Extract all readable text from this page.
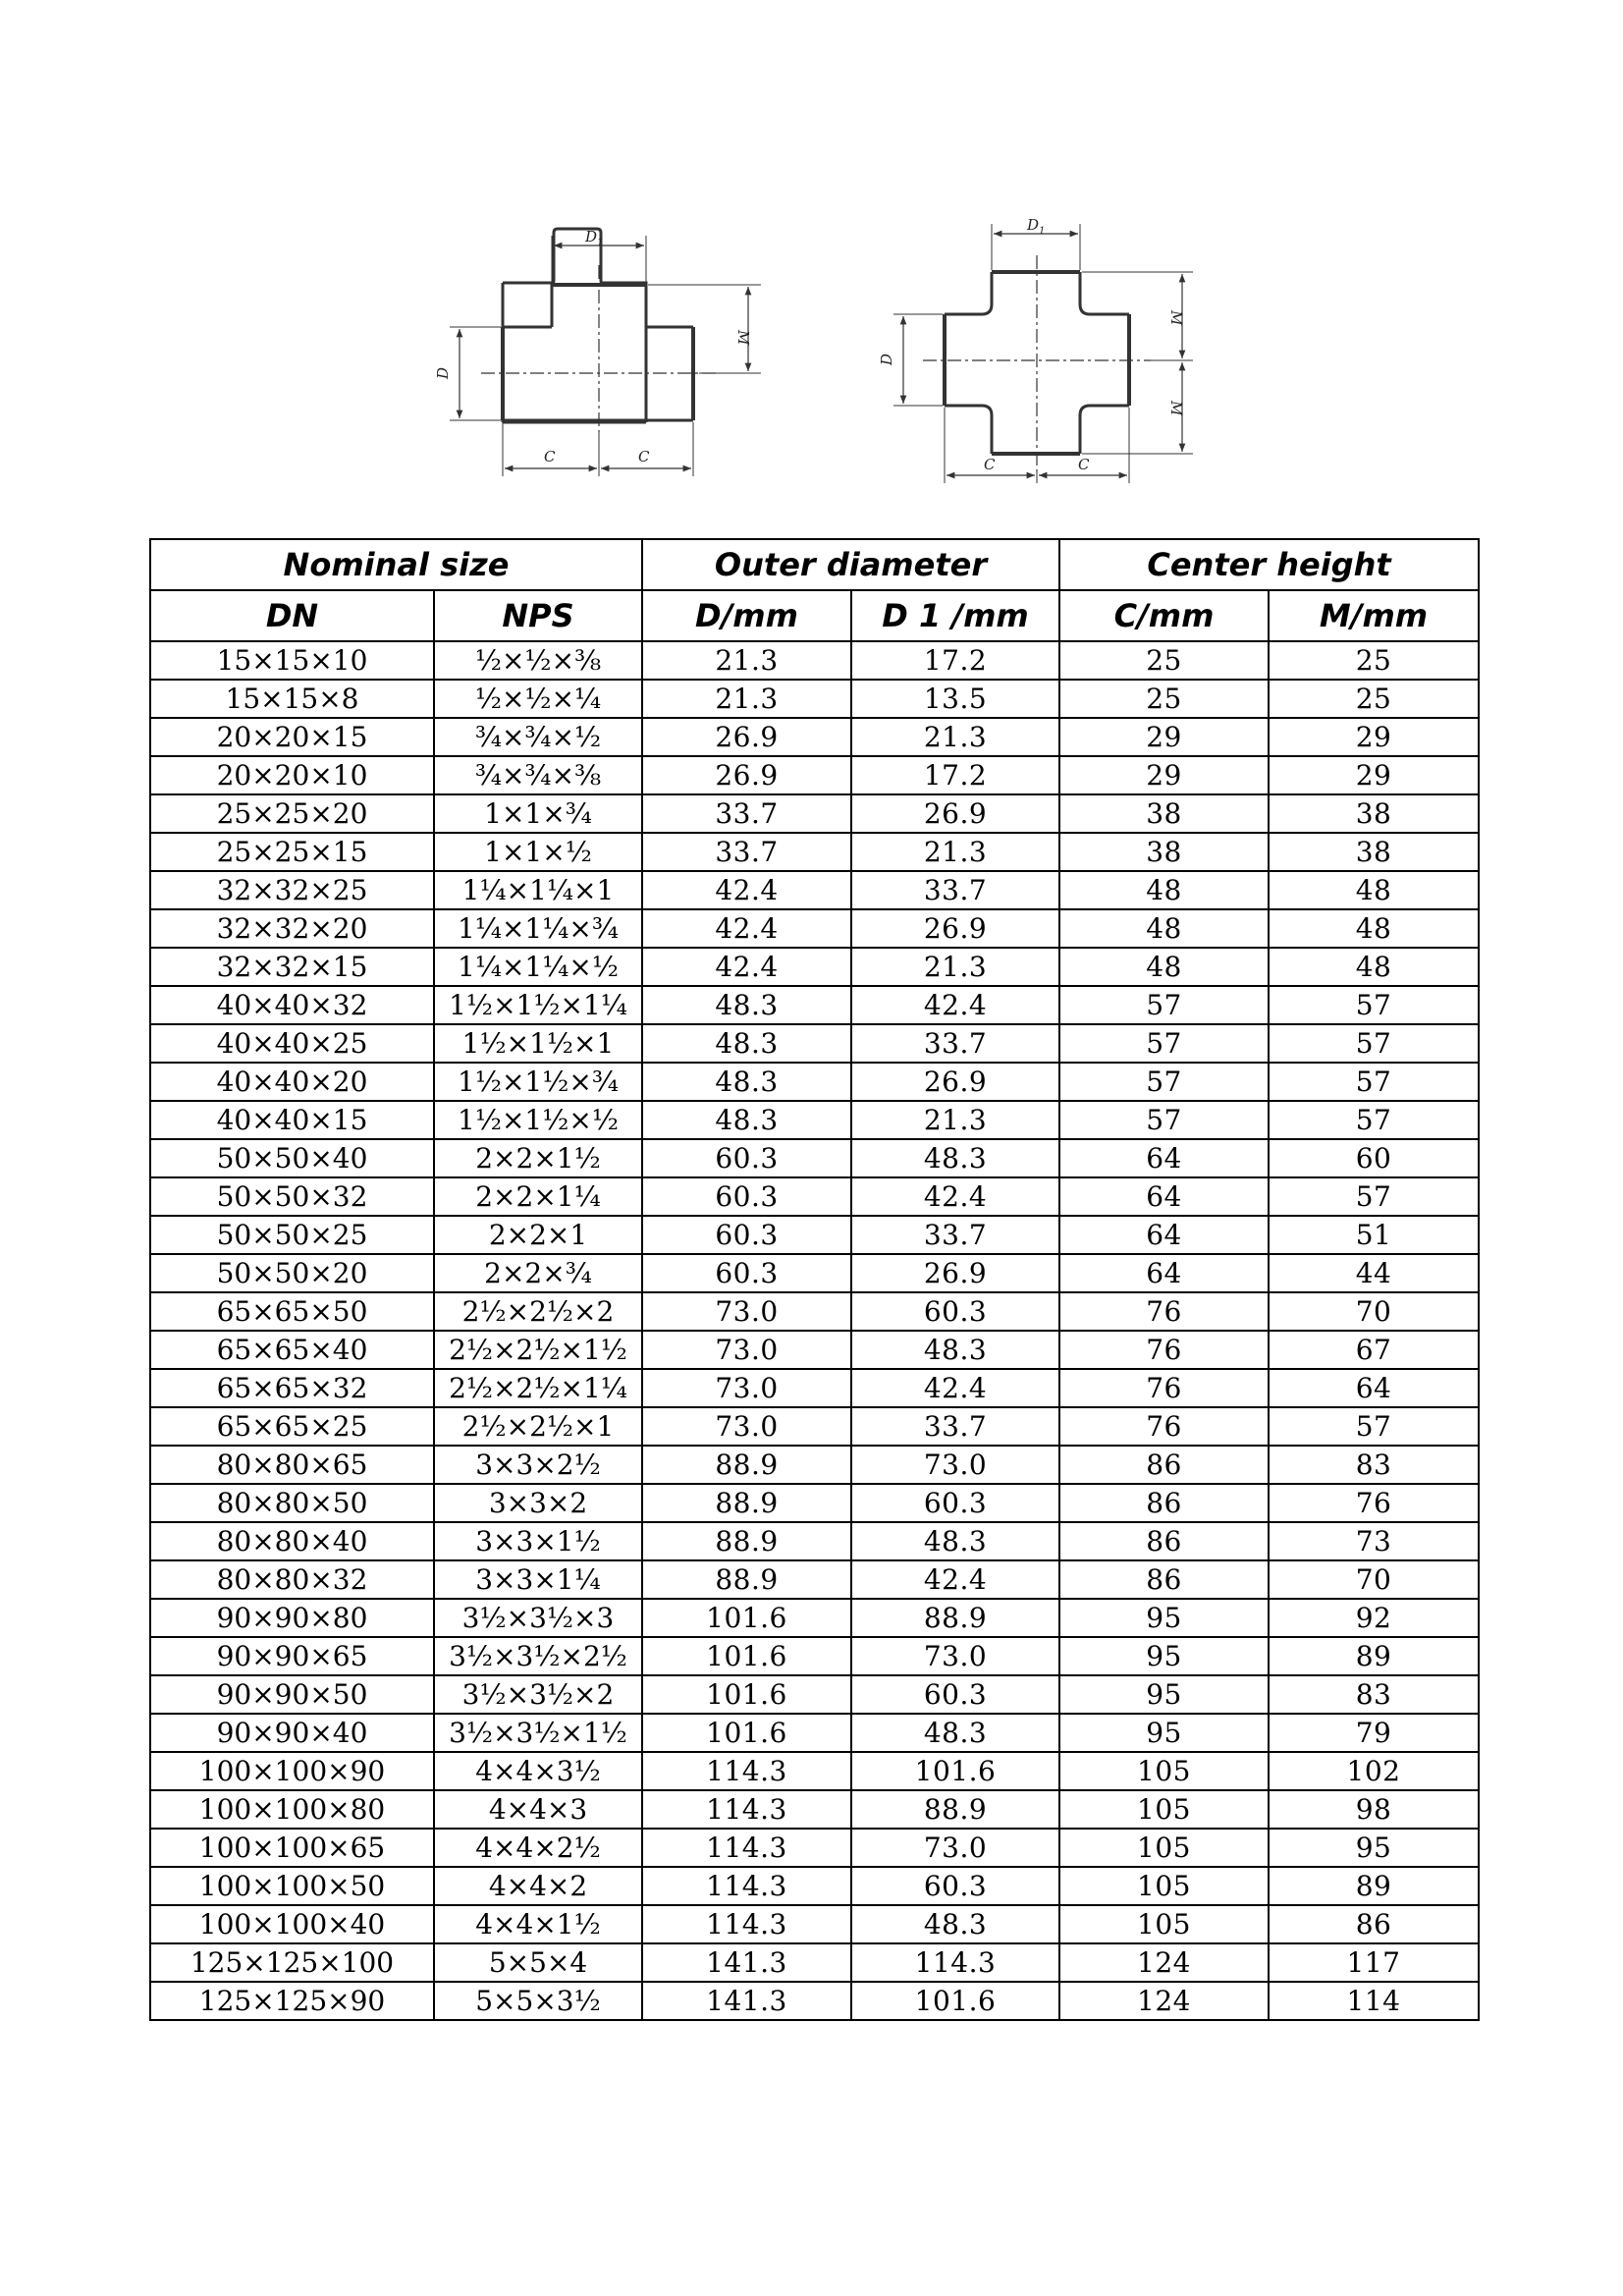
$D_1$
D
M
C	C
$D_1$
D
M
M
C	C
Nominal size		Outer diameter		Center height	
DN	NPS	D/mm	D 1 /mm	C/mm	M/mm
15×15×10	½×½×⅜	21.3	17.2	25	25
15×15×8	½×½×¼	21.3	13.5	25	25
20×20×15	¾×¾×½	26.9	21.3	29	29
20×20×10	¾×¾×⅜	26.9	17.2	29	29
25×25×20	1×1×¾	33.7	26.9	38	38
25×25×15	1×1×½	33.7	21.3	38	38
32×32×25	1¼×1¼×1	42.4	33.7	48	48
32×32×20	1¼×1¼×¾	42.4	26.9	48	48
32×32×15	1¼×1¼×½	42.4	21.3	48	48
40×40×32	1½×1½×1¼	48.3	42.4	57	57
40×40×25	1½×1½×1	48.3	33.7	57	57
40×40×20	1½×1½×¾	48.3	26.9	57	57
40×40×15	1½×1½×½	48.3	21.3	57	57
50×50×40	2×2×1½	60.3	48.3	64	60
50×50×32	2×2×1¼	60.3	42.4	64	57
50×50×25	2×2×1	60.3	33.7	64	51
50×50×20	2×2×¾	60.3	26.9	64	44
65×65×50	2½×2½×2	73.0	60.3	76	70
65×65×40	2½×2½×1½	73.0	48.3	76	67
65×65×32	2½×2½×1¼	73.0	42.4	76	64
65×65×25	2½×2½×1	73.0	33.7	76	57
80×80×65	3×3×2½	88.9	73.0	86	83
80×80×50	3×3×2	88.9	60.3	86	76
80×80×40	3×3×1½	88.9	48.3	86	73
80×80×32	3×3×1¼	88.9	42.4	86	70
90×90×80	3½×3½×3	101.6	88.9	95	92
90×90×65	3½×3½×2½	101.6	73.0	95	89
90×90×50	3½×3½×2	101.6	60.3	95	83
90×90×40	3½×3½×1½	101.6	48.3	95	79
100×100×90	4×4×3½	114.3	101.6	105	102
100×100×80	4×4×3	114.3	88.9	105	98
100×100×65	4×4×2½	114.3	73.0	105	95
100×100×50	4×4×2	114.3	60.3	105	89
100×100×40	4×4×1½	114.3	48.3	105	86
125×125×100	5×5×4	141.3	114.3	124	117
125×125×90	5×5×3½	141.3	101.6	124	114
